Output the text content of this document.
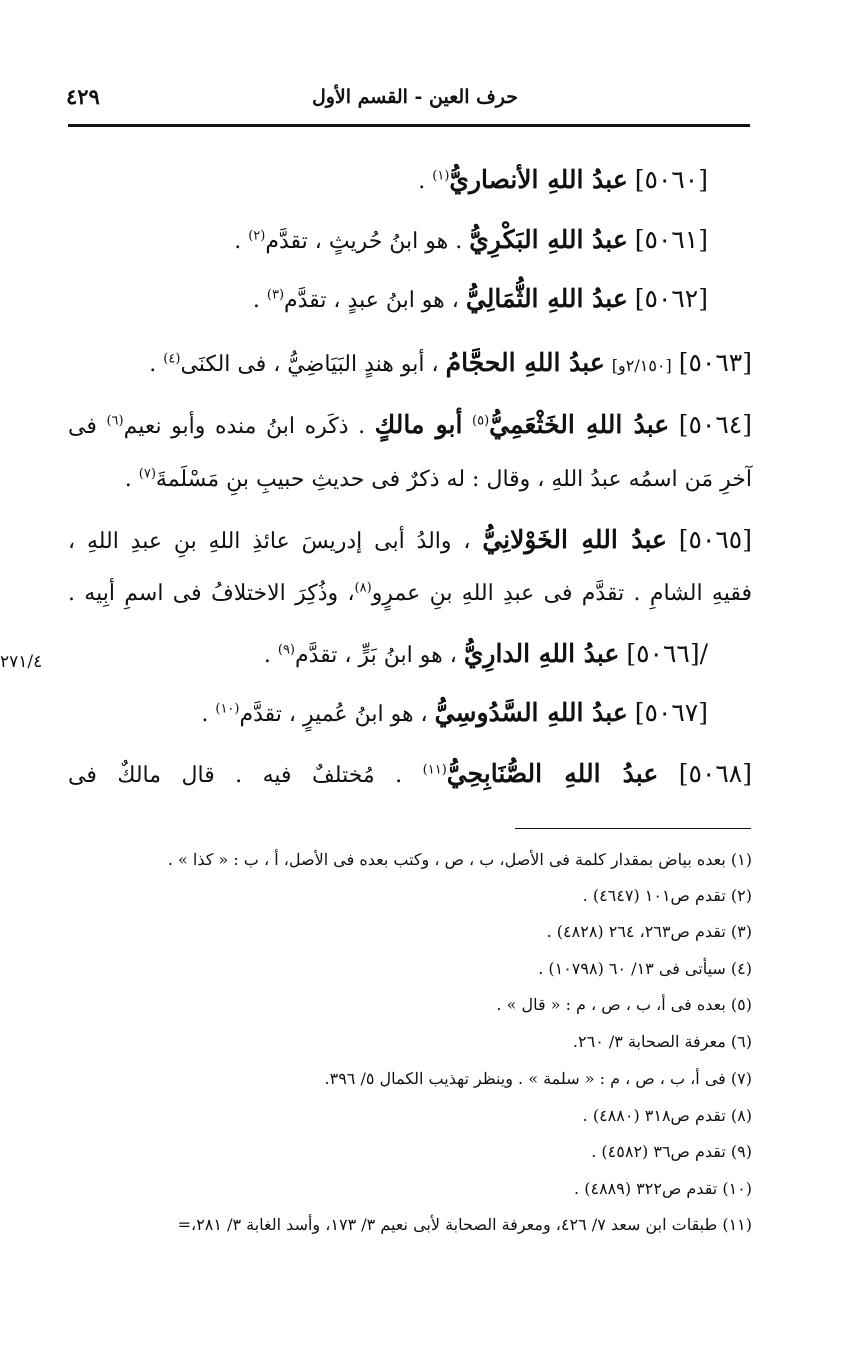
٤٢٩	حرف العين - القسم الأول
[٥٠٦٠] عبدُ اللهِ الأنصاريُّ$^{(١)}$ .
[٥٠٦١] عبدُ اللهِ البَكْرِيُّ . هو ابنُ حُريثٍ ، تقدَّم$^{(٢)}$ .
[٥٠٦٢] عبدُ اللهِ الثُّمَالِيُّ ، هو ابنُ عبدٍ ، تقدَّم$^{(٣)}$ .
[٥٠٦٣] [٢/١٥٠و] عبدُ اللهِ الحجَّامُ ، أبو هندٍ البَيَاضِيُّ ، فى الكنَى$^{(٤)}$ .
[٥٠٦٤] عبدُ اللهِ الخَثْعَمِيُّ$^{(٥)}$ أبو مالكٍ . ذكَره ابنُ منده وأبو نعيم$^{(٦)}$ فى
آخرِ مَن اسمُه عبدُ اللهِ ، وقال : له ذكرٌ فى حديثِ حبيبِ بنِ مَسْلَمةَ$^{(٧)}$ .
[٥٠٦٥] عبدُ اللهِ الخَوْلانِيُّ ، والدُ أبى إدريسَ عائذِ اللهِ بنِ عبدِ اللهِ ،
فقيهِ الشامِ . تقدَّم فى عبدِ اللهِ بنِ عمرٍو$^{(٨)}$، وذُكِرَ الاختلافُ فى اسمِ أبِيه .
/[٥٠٦٦] عبدُ اللهِ الدارِيُّ ، هو ابنُ بَرٍّ ، تقدَّم$^{(٩)}$ .
٢٧١/٤
[٥٠٦٧] عبدُ اللهِ السَّدُوسِيُّ ، هو ابنُ عُميرٍ ، تقدَّم$^{(١٠)}$ .
[٥٠٦٨] عبدُ اللهِ الصُّنَابِحِيُّ$^{(١١)}$ . مُختلفٌ فيه . قال مالكٌ فى
(١) بعده بياض بمقدار كلمة فى الأصل، ب ، ص ، وكتب بعده فى الأصل، أ ، ب : « كذا » .
(٢) تقدم ص١٠١ (٤٦٤٧) .
(٣) تقدم ص٢٦٣، ٢٦٤ (٤٨٢٨) .
(٤) سيأتى فى ١٣/ ٦٠ (١٠٧٩٨) .
(٥) بعده فى أ، ب ، ص ، م : « قال » .
(٦) معرفة الصحابة ٣/ ٢٦٠.
(٧) فى أ، ب ، ص ، م : « سلمة » . وينظر تهذيب الكمال ٥/ ٣٩٦.
(٨) تقدم ص٣١٨ (٤٨٨٠) .
(٩) تقدم ص٣٦ (٤٥٨٢) .
(١٠) تقدم ص٣٢٢ (٤٨٨٩) .
(١١) طبقات ابن سعد ٧/ ٤٢٦، ومعرفة الصحابة لأبى نعيم ٣/ ١٧٣، وأسد الغابة ٣/ ٢٨١،=
